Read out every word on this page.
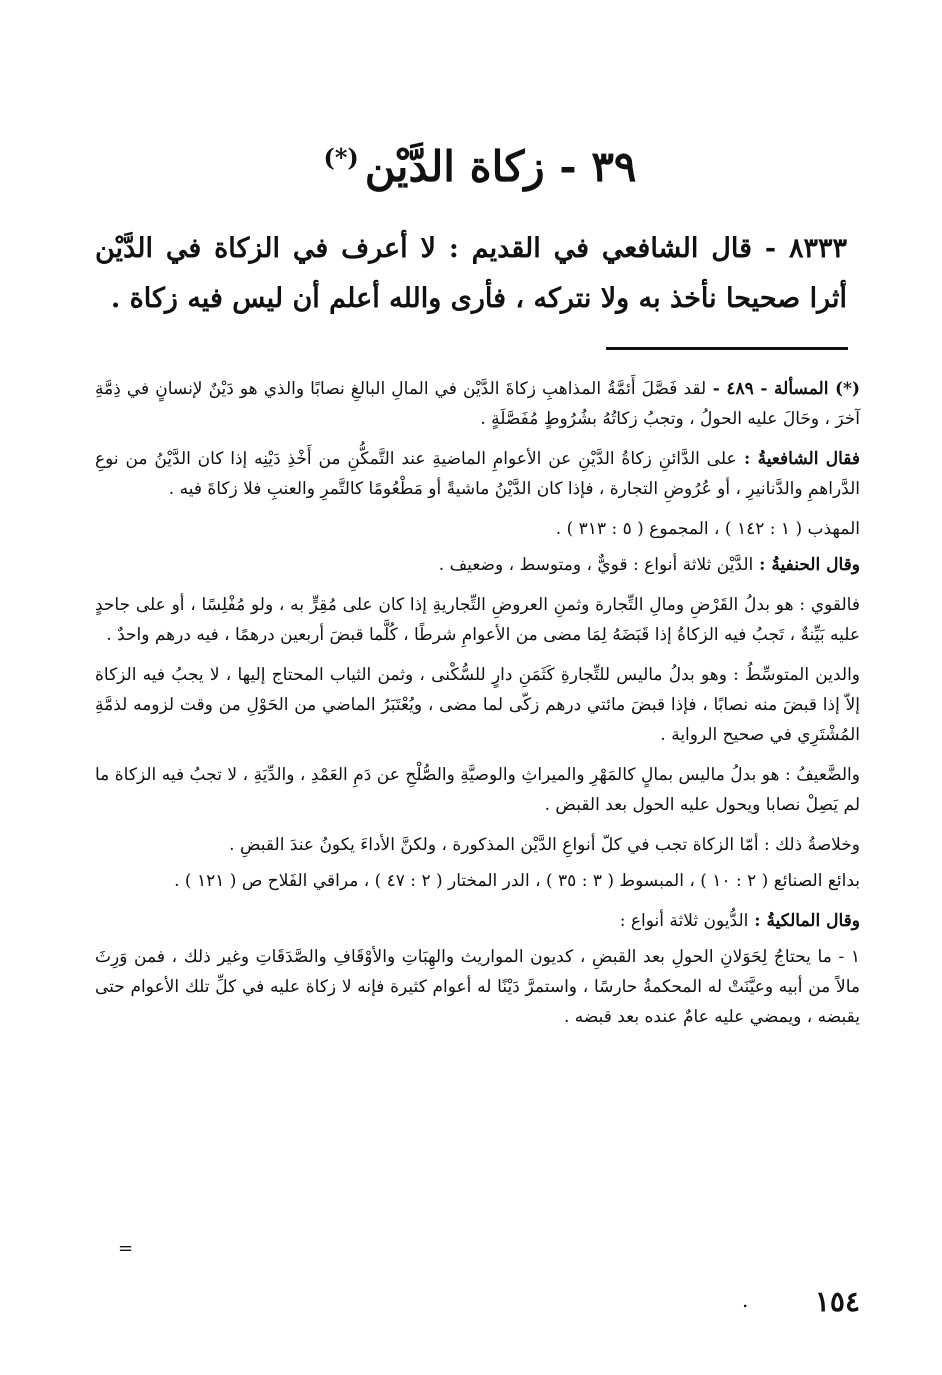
٣٩ - زكاة الدَّيْن(*)
٨٣٣٣ - قال الشافعي في القديم : لا أعرف في الزكاة في الدَّيْن أثرا صحيحا نأخذ به ولا نتركه ، فأرى والله أعلم أن ليس فيه زكاة .

(*) المسألة - ٤٨٩ - لقد فَصَّلَ أَئمَّةُ المذاهبِ زكاةَ الدَّيْن في المالِ البالغِ نصابًا والذي هو دَيْنٌ لإنسانٍ في ذِمَّةِ آخرَ ، وحَالَ عليه الحولُ ، وتجبُ زكاتُهُ بشُرُوطٍ مُفَصَّلَةٍ .

فقال الشافعيةُ : على الدَّائنِ زكاةُ الدَّيْنِ عن الأعوامِ الماضيةِ عند التَّمكُّنِ من أَخْذِ دَيْنِه إذا كان الدَّيْنُ من نوعِ الدَّراهمِ والدَّنانيرِ ، أو عُرُوضِ التجارة ، فإذا كان الدَّيْنُ ماشيةً أو مَطْعُومًا كالتَّمرِ والعنبِ فلا زكاةَ فيه .

المهذب ( ١ : ١٤٢ ) ، المجموع ( ٥ : ٣١٣ ) .

وقال الحنفيةُ : الدَّيْن ثلاثة أنواع : قويٌّ ، ومتوسط ، وضعيف .

فالقوي : هو بدلُ القَرْضِ ومالِ التِّجارة وثمنِ العروضِ التِّجاريةِ إذا كان على مُقِرٍّ به ، ولو مُفْلِسًا ، أو على جاحدٍ عليه بَيِّنةٌ ، تَجبُ فيه الزكاةُ إذا قَبَضَهُ لِمَا مضى من الأعوامِ شرطًا ، كُلَّما قبضَ أربعين درهمًا ، فيه درهم واحدٌ .

والدين المتوسِّطُ : وهو بدلُ ماليس للتِّجارةِ كَثَمَنِ دارٍ للسُّكْنى ، وثمن الثياب المحتاج إليها ، لا يجبُ فيه الزكاة إلاّ إذا قبضَ منه نصابًا ، فإذا قبضَ مائتي درهم زكّى لما مضى ، ويُعْتَبَرُ الماضي من الحَوْلِ من وقت لزومه لذمَّةِ المُشْتَرِي في صحيح الرواية .

والضَّعيفُ : هو بدلُ ماليس بمالٍ كالمَهْرِ والميراثِ والوصيَّةِ والصُّلْحِ عن دَمِ العَمْدِ ، والدِّيَةِ ، لا تجبُ فيه الزكاة ما لم يَصِلْ نصابا ويحول عليه الحول بعد القبض .

وخلاصةُ ذلك : أمّا الزكاة تجب في كلّ أنواعِ الدَّيْن المذكورة ، ولكنَّ الأداءَ يكونُ عندَ القبضِ .

بدائع الصنائع ( ٢ : ١٠ ) ، المبسوط ( ٣ : ٣٥ ) ، الدر المختار ( ٢ : ٤٧ ) ، مراقي الفَلاح ص ( ١٢١ ) .

وقال المالكيةُ : الدُّيون ثلاثة أنواع :

١ - ما يحتاجُ لِحَوَلانِ الحولِ بعد القبضِ ، كديون المواريث والهِبَاتِ والأوْقَافِ والصَّدَقَاتِ وغير ذلك ، فمن وَرِثَ مالاً من أبيه وعيَّنَتْ له المحكمةُ حارسًا ، واستمرَّ دَيْنًا له أعوام كثيرة فإنه لا زكاة عليه في كلِّ تلك الأعوام حتى يقبضه ، ويمضي عليه عامٌ عنده بعد قبضه .

=
.	١٥٤
